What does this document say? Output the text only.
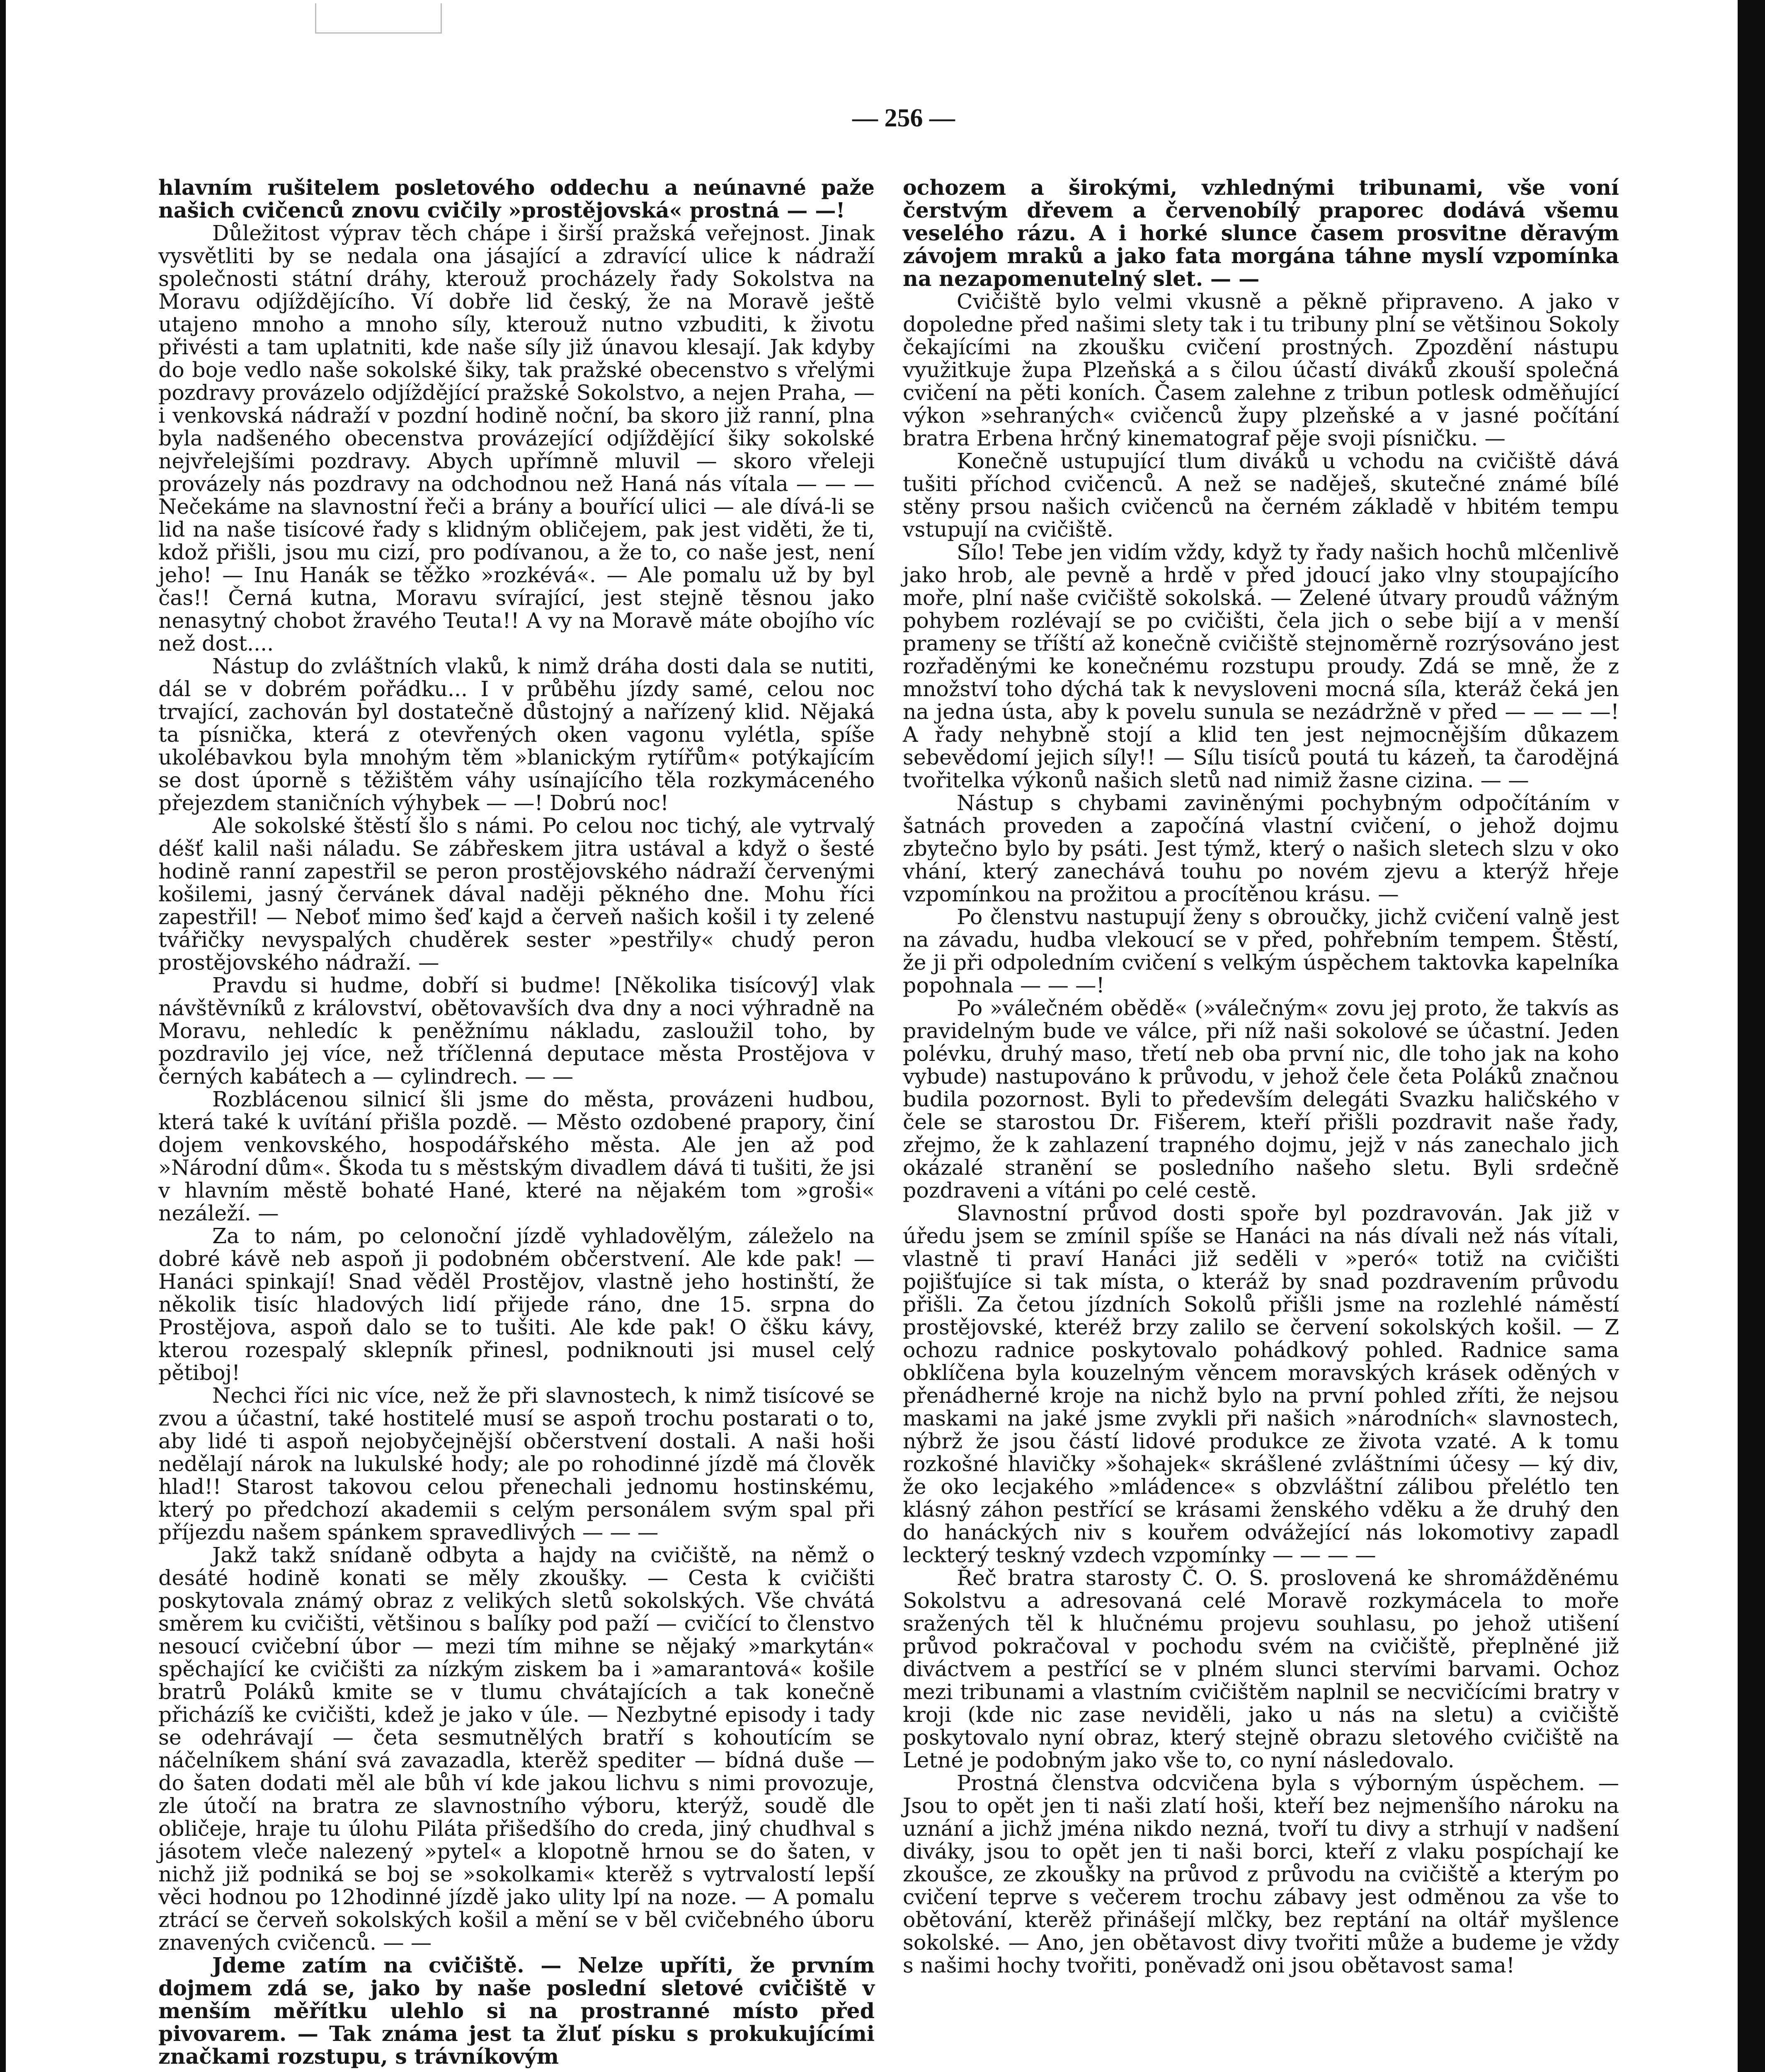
— 256 —

hlavním rušitelem posletového oddechu a neúnavné paže našich cvičenců znovu cvičily »prostějovská« prostná — —!

Důležitost výprav těch chápe i širší pražská veřejnost. Jinak vysvětliti by se nedala ona jásající a zdravící ulice k nádraží společnosti státní dráhy, kterouž procházely řady Sokolstva na Moravu odjíždějícího. Ví dobře lid český, že na Moravě ještě utajeno mnoho a mnoho síly, kterouž nutno vzbuditi, k životu přivésti a tam uplatniti, kde naše síly již únavou klesají. Jak kdyby do boje vedlo naše sokolské šiky, tak pražské obecenstvo s vřelými pozdravy provázelo odjíždějící pražské Sokolstvo, a nejen Praha, — i venkovská nádraží v pozdní hodině noční, ba skoro již ranní, plna byla nadšeného obecenstva provázející odjíždějící šiky sokolské nejvřelejšími pozdravy. Abych upřímně mluvil — skoro vřeleji provázely nás pozdravy na odchodnou než Haná nás vítala — — — Nečekáme na slavnostní řeči a brány a bouřící ulici — ale dívá-li se lid na naše tisícové řady s klidným obličejem, pak jest viděti, že ti, kdož přišli, jsou mu cizí, pro podívanou, a že to, co naše jest, není jeho! — Inu Hanák se těžko »rozkévá«. — Ale pomalu už by byl čas!! Černá kutna, Moravu svírající, jest stejně těsnou jako nenasytný chobot žravého Teuta!! A vy na Moravě máte obojího víc než dost....

Nástup do zvláštních vlaků, k nimž dráha dosti dala se nutiti, dál se v dobrém pořádku... I v průběhu jízdy samé, celou noc trvající, zachován byl dostatečně důstojný a nařízený klid. Nějaká ta písnička, která z otevřených oken vagonu vylétla, spíše ukolébavkou byla mnohým těm »blanickým rytířům« potýkajícím se dost úporně s těžištěm váhy usínajícího těla rozkymáceného přejezdem staničních výhybek — —! Dobrú noc!

Ale sokolské štěstí šlo s námi. Po celou noc tichý, ale vytrvalý déšť kalil naši náladu. Se zábřeskem jitra ustával a když o šesté hodině ranní zapestřil se peron prostějovského nádraží červenými košilemi, jasný červánek dával naději pěkného dne. Mohu říci zapestřil! — Neboť mimo šeď kajd a červeň našich košil i ty zelené tvářičky nevyspalých chuděrek sester »pestřily« chudý peron prostějovského nádraží. —

Pravdu si hudme, dobří si budme! [Několika tisícový] vlak návštěvníků z království, obětovavších dva dny a noci výhradně na Moravu, nehledíc k peněžnímu nákladu, zasloužil toho, by pozdravilo jej více, než tříčlenná deputace města Prostějova v černých kabátech a — cylindrech. — —

Rozblácenou silnicí šli jsme do města, provázeni hudbou, která také k uvítání přišla pozdě. — Město ozdobené prapory, činí dojem venkovského, hospodářského města. Ale jen až pod »Národní dům«. Škoda tu s městským divadlem dává ti tušiti, že jsi v hlavním městě bohaté Hané, které na nějakém tom »groši« nezáleží. —

Za to nám, po celonoční jízdě vyhladovělým, záleželo na dobré kávě neb aspoň ji podobném občerstvení. Ale kde pak! — Hanáci spinkají! Snad věděl Prostějov, vlastně jeho hostinští, že několik tisíc hladových lidí přijede ráno, dne 15. srpna do Prostějova, aspoň dalo se to tušiti. Ale kde pak! O čšku kávy, kterou rozespalý sklepník přinesl, podniknouti jsi musel celý pětiboj!

Nechci říci nic více, než že při slavnostech, k nimž tisícové se zvou a účastní, také hostitelé musí se aspoň trochu postarati o to, aby lidé ti aspoň nejobyčejnější občerstvení dostali. A naši hoši nedělají nárok na lukulské hody; ale po rohodinné jízdě má člověk hlad!! Starost takovou celou přenechali jednomu hostinskému, který po předchozí akademii s celým personálem svým spal při příjezdu našem spánkem spravedlivých — — —

Jakž takž snídaně odbyta a hajdy na cvičiště, na němž o desáté hodině konati se měly zkoušky. — Cesta k cvičišti poskytovala známý obraz z velikých sletů sokolských. Vše chvátá směrem ku cvičišti, většinou s balíky pod paží — cvičící to členstvo nesoucí cvičební úbor — mezi tím mihne se nějaký »markytán« spěchající ke cvičišti za nízkým ziskem ba i »amarantová« košile bratrů Poláků kmite se v tlumu chvátajících a tak konečně přicházíš ke cvičišti, kdež je jako v úle. — Nezbytné episody i tady se odehrávají — četa sesmutnělých bratří s kohoutícím se náčelníkem shání svá zavazadla, kterěž spediter — bídná duše — do šaten dodati měl ale bůh ví kde jakou lichvu s nimi provozuje, zle útočí na bratra ze slavnostního výboru, kterýž, soudě dle obličeje, hraje tu úlohu Piláta přišedšího do creda, jiný chudhval s jásotem vleče nalezený »pytel« a klopotně hrnou se do šaten, v nichž již podniká se boj se »sokolkami« kterěž s vytrvalostí lepší věci hodnou po 12hodinné jízdě jako ulity lpí na noze. — A pomalu ztrácí se červeň sokolských košil a mění se v běl cvičebného úboru znavených cvičenců. — —

Jdeme zatím na cvičiště. — Nelze upříti, že prvním dojmem zdá se, jako by naše poslední sletové cvičiště v menším měřítku ulehlo si na prostranné místo před pivovarem. — Tak známa jest ta žluť písku s prokukujícími značkami rozstupu, s trávníkovým

ochozem a širokými, vzhlednými tribunami, vše voní čerstvým dřevem a červenobílý praporec dodává všemu veselého rázu. A i horké slunce časem prosvitne děravým závojem mraků a jako fata morgána táhne myslí vzpomínka na nezapomenutelný slet. — —

Cvičiště bylo velmi vkusně a pěkně připraveno. A jako v dopoledne před našimi slety tak i tu tribuny plní se většinou Sokoly čekajícími na zkoušku cvičení prostných. Zpozdění nástupu využitkuje župa Plzeňská a s čilou účastí diváků zkouší společná cvičení na pěti koních. Časem zalehne z tribun potlesk odměňující výkon »sehraných« cvičenců župy plzeňské a v jasné počítání bratra Erbena hrčný kinematograf pěje svoji písničku. —

Konečně ustupující tlum diváků u vchodu na cvičiště dává tušiti příchod cvičenců. A než se naděješ, skutečné známé bílé stěny prsou našich cvičenců na černém základě v hbitém tempu vstupují na cvičiště.

Sílo! Tebe jen vidím vždy, když ty řady našich hochů mlčenlivě jako hrob, ale pevně a hrdě v před jdoucí jako vlny stoupajícího moře, plní naše cvičiště sokolská. — Zelené útvary proudů vážným pohybem rozlévají se po cvičišti, čela jich o sebe bijí a v menší prameny se tříští až konečně cvičiště stejnoměrně rozrýsováno jest rozřaděnými ke konečnému rozstupu proudy. Zdá se mně, že z množství toho dýchá tak k nevysloveni mocná síla, kteráž čeká jen na jedna ústa, aby k povelu sunula se nezádržně v před — — — —! A řady nehybně stojí a klid ten jest nejmocnějším důkazem sebevědomí jejich síly!! — Sílu tisíců poutá tu kázeň, ta čarodějná tvořitelka výkonů našich sletů nad nimiž žasne cizina. — —

Nástup s chybami zaviněnými pochybným odpočítáním v šatnách proveden a započíná vlastní cvičení, o jehož dojmu zbytečno bylo by psáti. Jest týmž, který o našich sletech slzu v oko vhání, který zanechává touhu po novém zjevu a kterýž hřeje vzpomínkou na prožitou a procítěnou krásu. —

Po členstvu nastupují ženy s obroučky, jichž cvičení valně jest na závadu, hudba vlekoucí se v před, pohřebním tempem. Štěstí, že ji při odpoledním cvičení s velkým úspěchem taktovka kapelníka popohnala — — —!

Po »válečném obědě« (»válečným« zovu jej proto, že takvís as pravidelným bude ve válce, při níž naši sokolové se účastní. Jeden polévku, druhý maso, třetí neb oba první nic, dle toho jak na koho vybude) nastupováno k průvodu, v jehož čele četa Poláků značnou budila pozornost. Byli to především delegáti Svazku haličského v čele se starostou Dr. Fišerem, kteří přišli pozdravit naše řady, zřejmo, že k zahlazení trapného dojmu, jejž v nás zanechalo jich okázalé stranění se posledního našeho sletu. Byli srdečně pozdraveni a vítáni po celé cestě.

Slavnostní průvod dosti spoře byl pozdravován. Jak již v úředu jsem se zmínil spíše se Hanáci na nás dívali než nás vítali, vlastně ti praví Hanáci již seděli v »peró« totiž na cvičišti pojišťujíce si tak místa, o kteráž by snad pozdravením průvodu přišli. Za četou jízdních Sokolů přišli jsme na rozlehlé náměstí prostějovské, kteréž brzy zalilo se červení sokolských košil. — Z ochozu radnice poskytovalo pohádkový pohled. Radnice sama obklíčena byla kouzelným věncem moravských krásek oděných v přenádherné kroje na nichž bylo na první pohled zříti, že nejsou maskami na jaké jsme zvykli při našich »národních« slavnostech, nýbrž že jsou částí lidové produkce ze života vzaté. A k tomu rozkošné hlavičky »šohajek« skrášlené zvláštními účesy — ký div, že oko lecjakého »mládence« s obzvláštní zálibou přelétlo ten klásný záhon pestřící se krásami ženského vděku a že druhý den do hanáckých niv s kouřem odvážející nás lokomotivy zapadl leckterý teskný vzdech vzpomínky — — — —

Řeč bratra starosty Č. O. S. proslovená ke shromážděnému Sokolstvu a adresovaná celé Moravě rozkymácela to moře sražených těl k hlučnému projevu souhlasu, po jehož utišení průvod pokračoval v pochodu svém na cvičiště, přeplněné již diváctvem a pestřící se v plném slunci stervími barvami. Ochoz mezi tribunami a vlastním cvičištěm naplnil se necvičícími bratry v kroji (kde nic zase neviděli, jako u nás na sletu) a cvičiště poskytovalo nyní obraz, který stejně obrazu sletového cvičiště na Letné je podobným jako vše to, co nyní následovalo.

Prostná členstva odcvičena byla s výborným úspěchem. — Jsou to opět jen ti naši zlatí hoši, kteří bez nejmenšího nároku na uznání a jichž jména nikdo nezná, tvoří tu divy a strhují v nadšení diváky, jsou to opět jen ti naši borci, kteří z vlaku pospíchají ke zkoušce, ze zkoušky na průvod z průvodu na cvičiště a kterým po cvičení teprve s večerem trochu zábavy jest odměnou za vše to obětování, kterěž přinášejí mlčky, bez reptání na oltář myšlence sokolské. — Ano, jen obětavost divy tvořiti může a budeme je vždy s našimi hochy tvořiti, poněvadž oni jsou obětavost sama!
